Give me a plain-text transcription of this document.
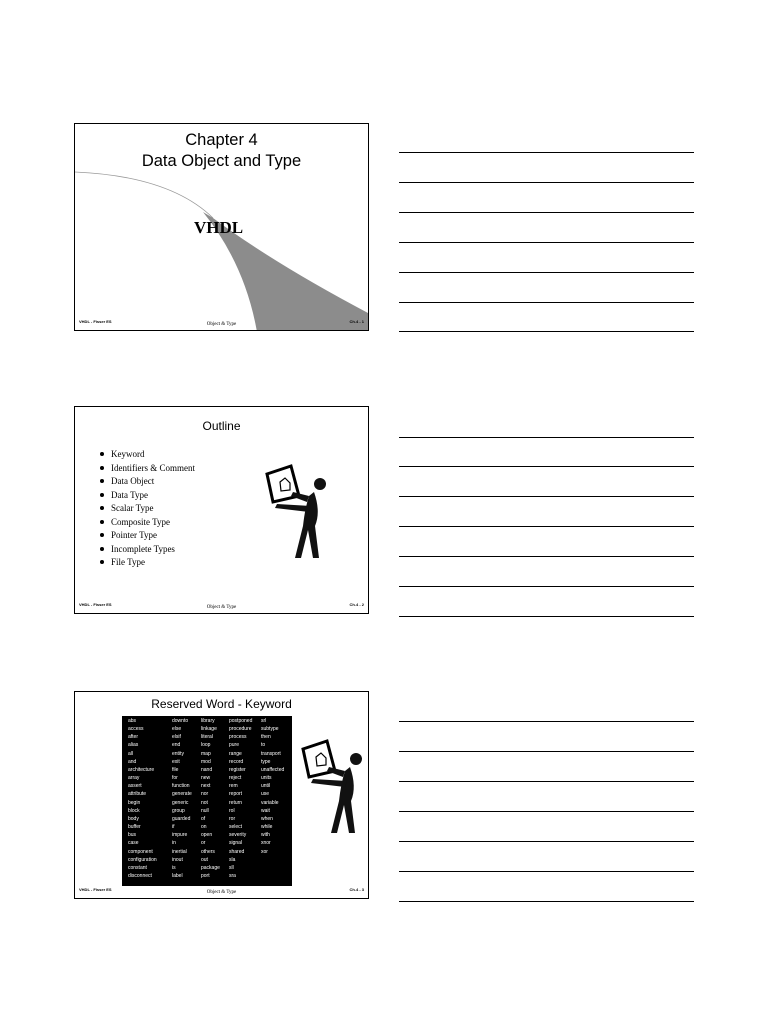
Chapter 4
Data Object and Type
VHDL
VHDL - Fisser ES
Object & Type
Ch.4 - 1
Outline
Keyword
Identifiers & Comment
Data Object
Data Type
Scalar Type
Composite Type
Pointer Type
Incomplete Types
File Type
VHDL - Fisser ES
Object & Type
Ch.4 - 2
Reserved Word - Keyword
abs
access
after
alias
all
and
architecture
array
assert
attribute
begin
block
body
buffer
bus
case
component
configuration
constant
disconnect
downto
else
elsif
end
entity
exit
file
for
function
generate
generic
group
guarded
if
impure
in
inertial
inout
is
label
library
linkage
literal
loop
map
mod
nand
new
next
nor
not
null
of
on
open
or
others
out
package
port
postponed
procedure
process
pure
range
record
register
reject
rem
report
return
rol
ror
select
severity
signal
shared
sla
sll
sra
srl
subtype
then
to
transport
type
unaffected
units
until
use
variable
wait
when
while
with
xnor
xor
VHDL - Fisser ES
Object & Type
Ch.4 - 3
